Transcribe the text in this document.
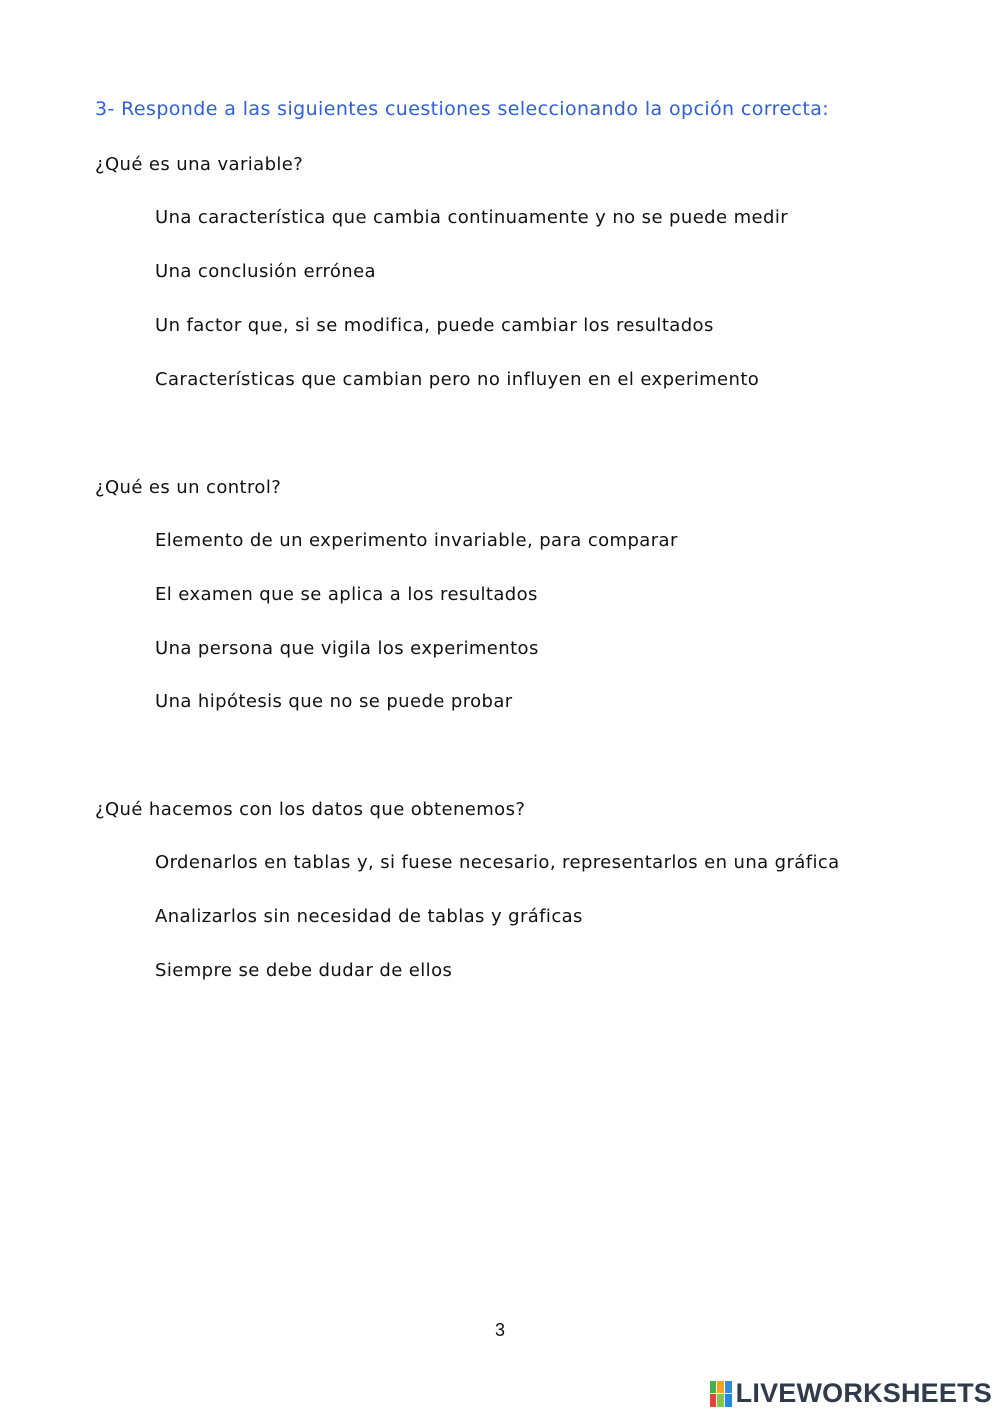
3- Responde a las siguientes cuestiones seleccionando la opción correcta:
¿Qué es una variable?
Una característica que cambia continuamente y no se puede medir
Una conclusión errónea
Un factor que, si se modifica, puede cambiar los resultados
Características que cambian pero no influyen en el experimento
¿Qué es un control?
Elemento de un experimento invariable, para comparar
El examen que se aplica a los resultados
Una persona que vigila los experimentos
Una hipótesis que no se puede probar
¿Qué hacemos con los datos que obtenemos?
Ordenarlos en tablas y, si fuese necesario, representarlos en una gráfica
Analizarlos sin necesidad de tablas y gráficas
Siempre se debe dudar de ellos
3
LIVEWORKSHEETS
